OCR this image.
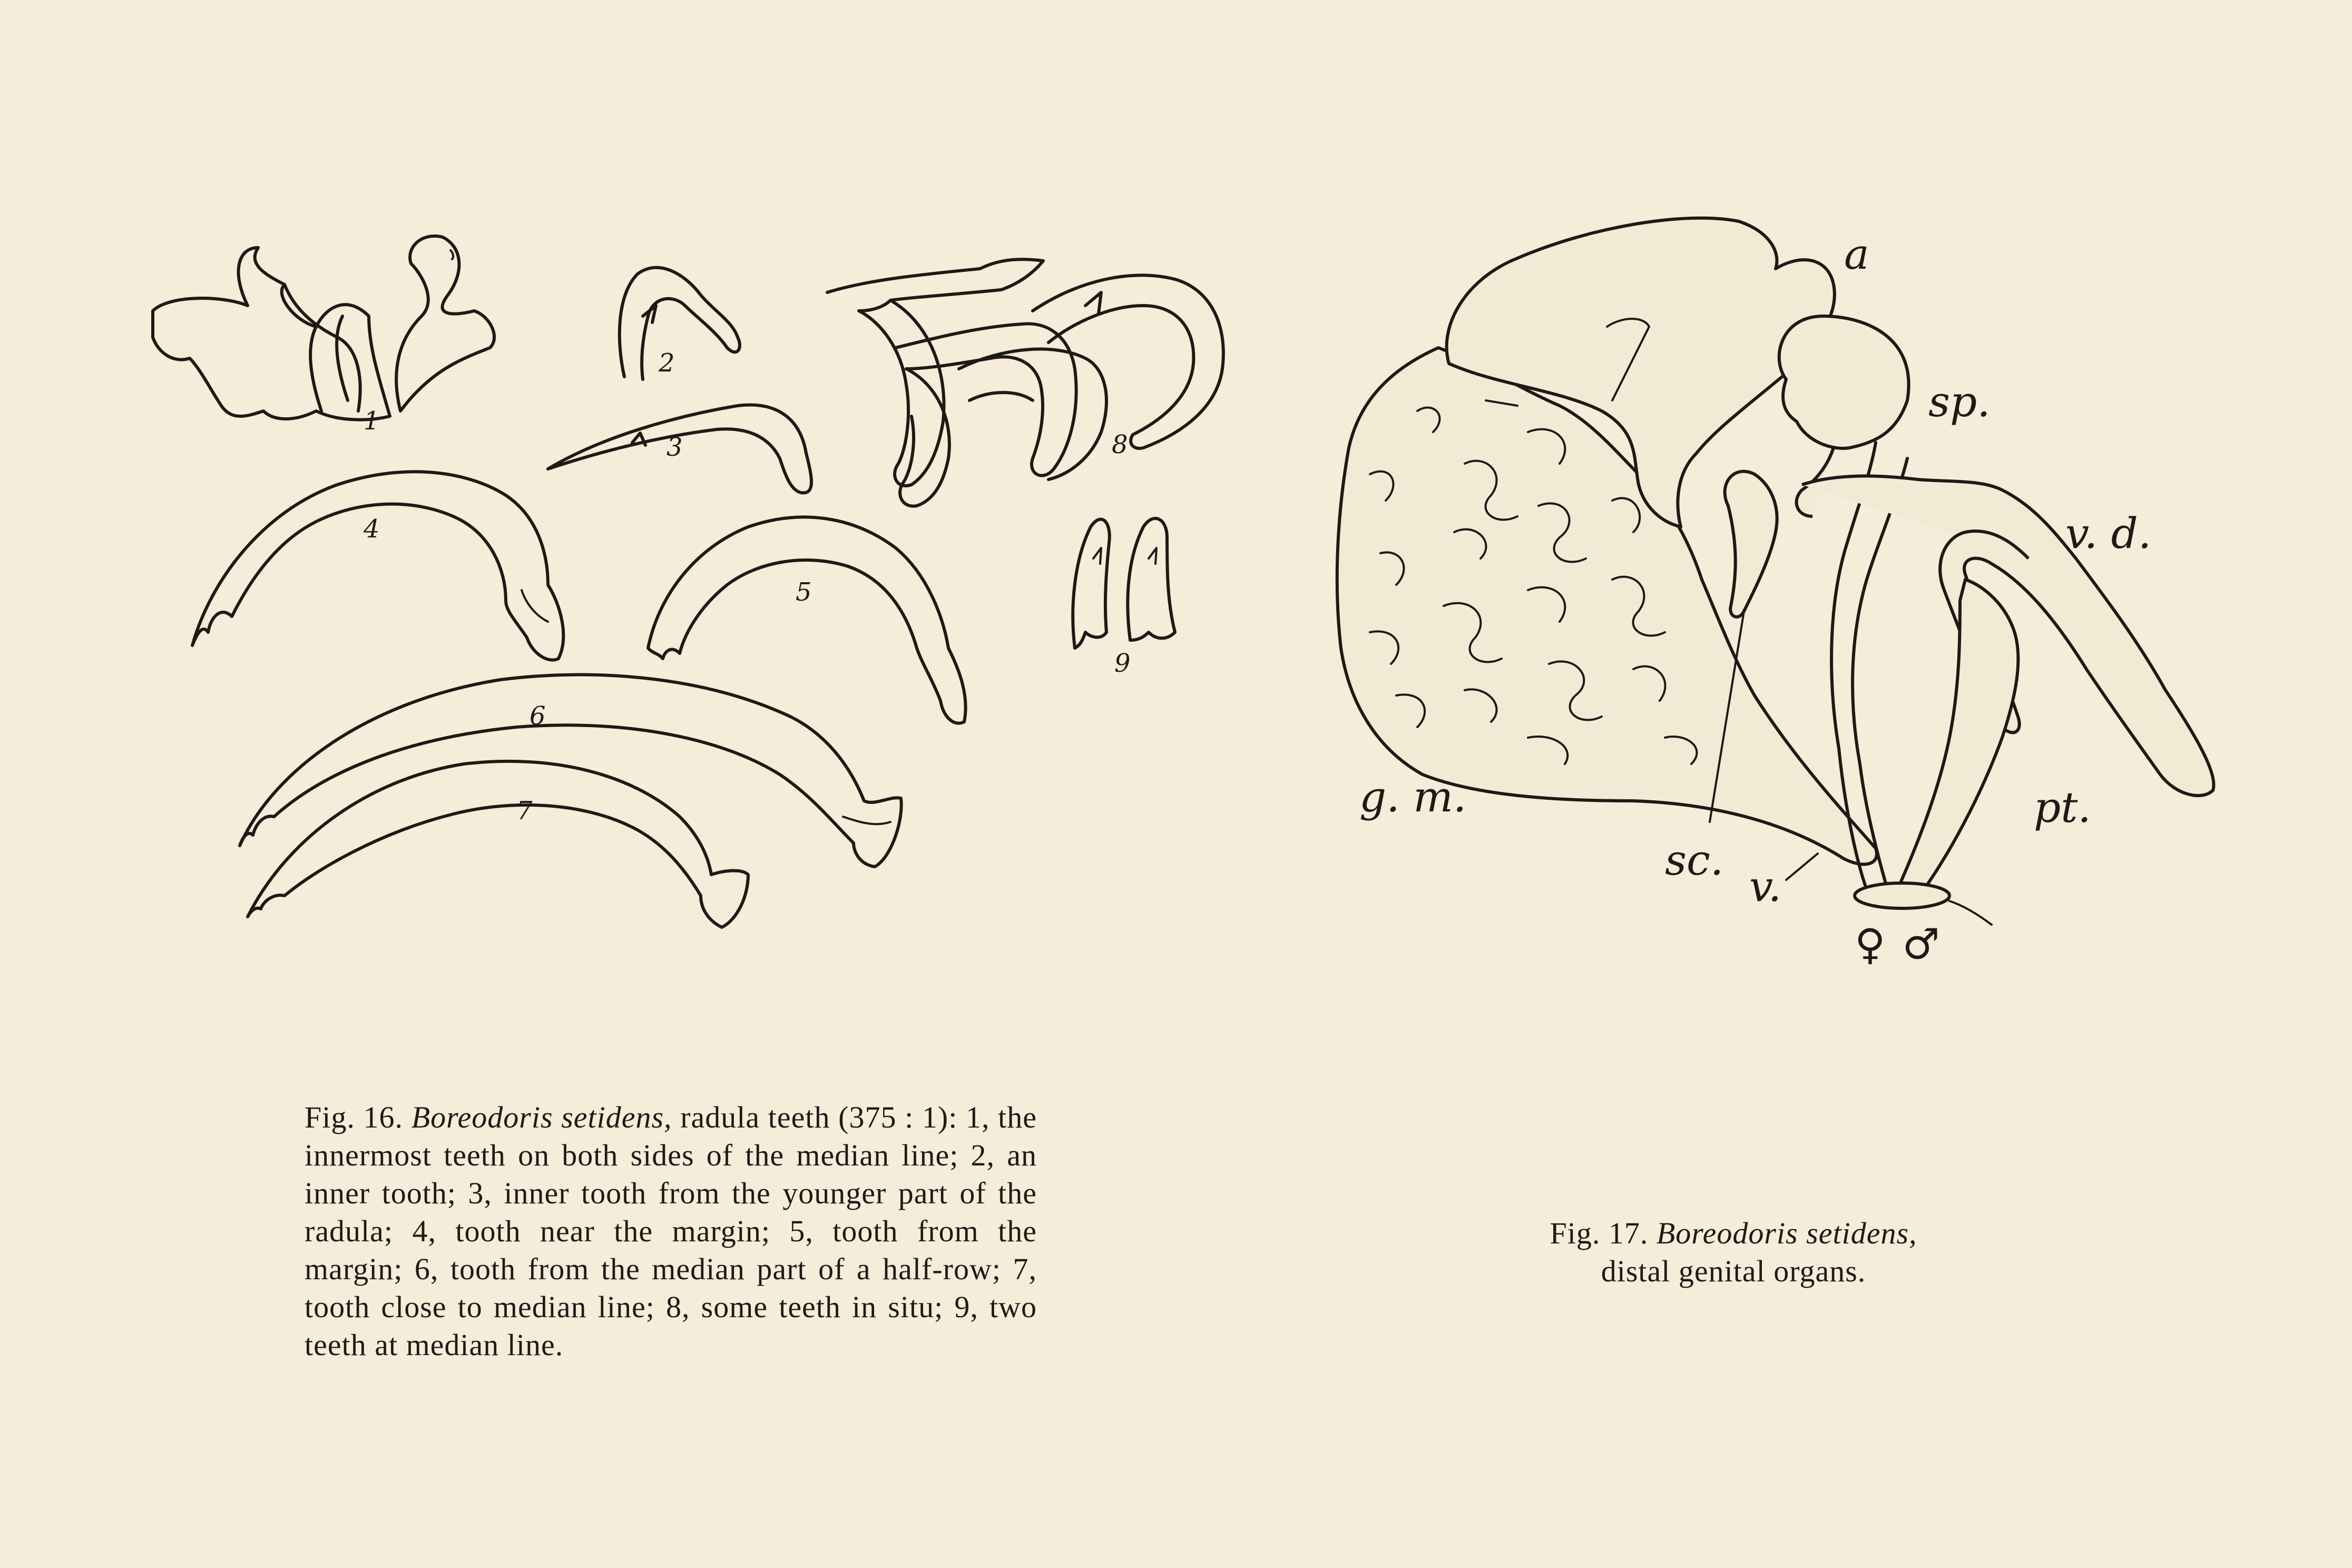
1
2
3
4
5
6
7
8
9
a
sp.
v. d.
pt.
g. m.
sc.
v.
♀ ♂
Fig. 16. Boreodoris setidens, radula teeth (375 : 1): 1, the innermost teeth on both sides of the median line; 2, an inner tooth; 3, inner tooth from the younger part of the radula; 4, tooth near the margin; 5, tooth from the margin; 6, tooth from the median part of a half-row; 7, tooth close to median line; 8, some teeth in situ; 9, two teeth at median line.
Fig. 17. Boreodoris setidens,
distal genital organs.
